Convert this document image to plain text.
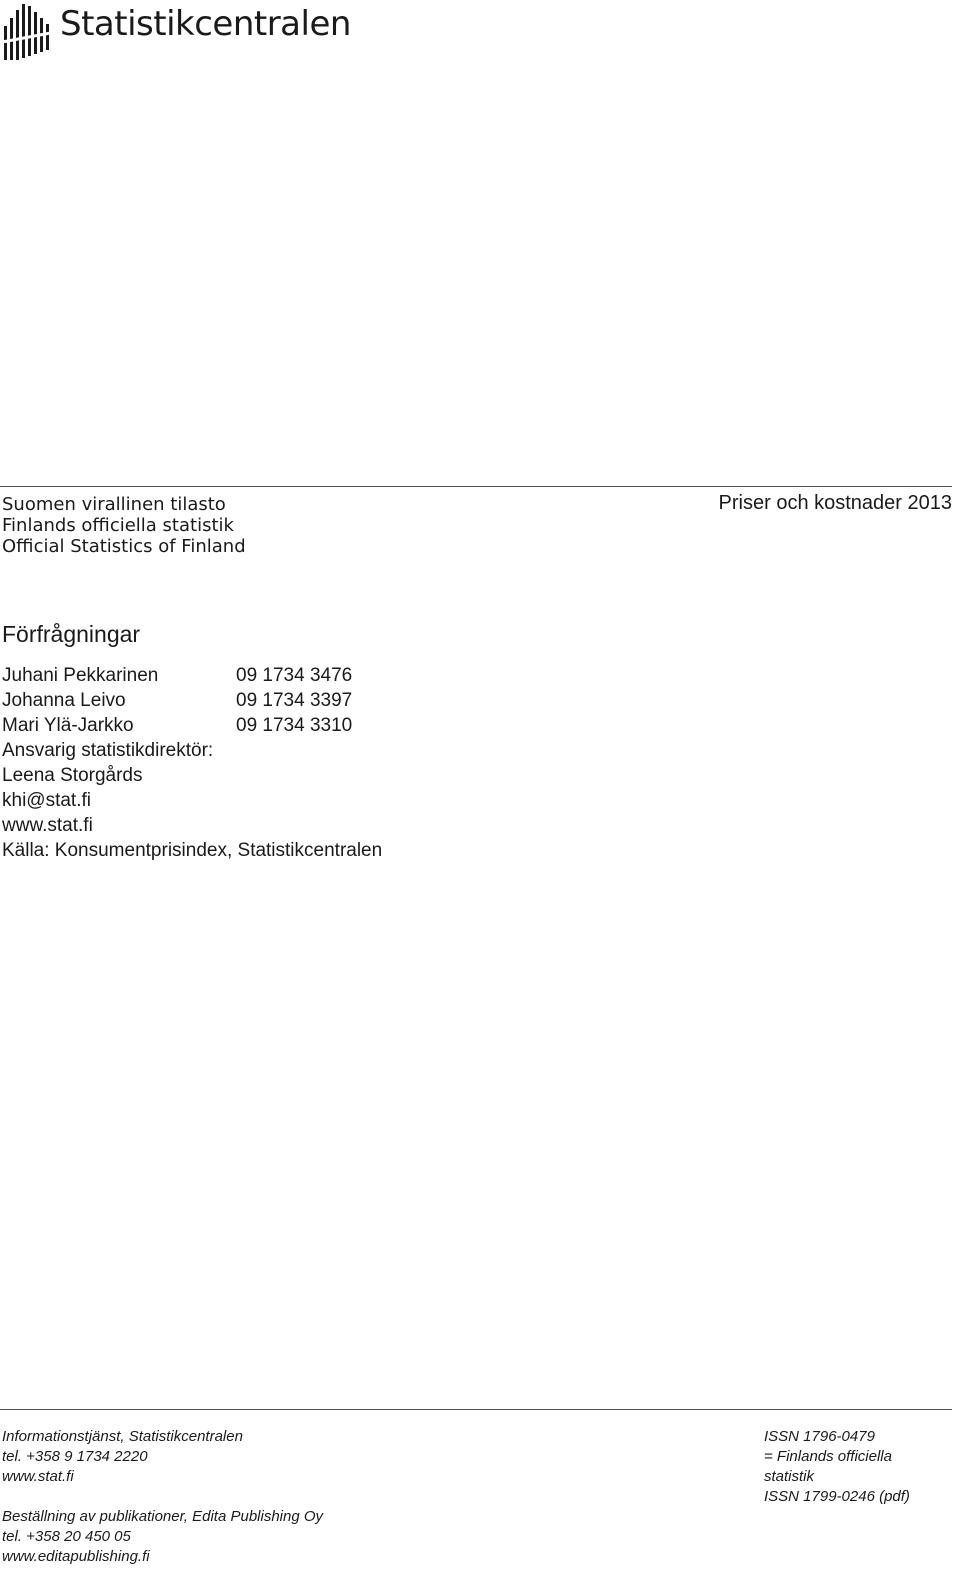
Statistikcentralen
Suomen virallinen tilasto
Finlands officiella statistik
Official Statistics of Finland
Priser och kostnader 2013
Förfrågningar
Juhani Pekkarinen	09 1734 3476
Johanna Leivo	09 1734 3397
Mari Ylä-Jarkko	09 1734 3310
Ansvarig statistikdirektör:
Leena Storgårds
khi@stat.fi
www.stat.fi
Källa: Konsumentprisindex, Statistikcentralen
Informationstjänst, Statistikcentralen
tel. +358 9 1734 2220
www.stat.fi
Beställning av publikationer, Edita Publishing Oy
tel. +358 20 450 05
www.editapublishing.fi
ISSN 1796-0479
= Finlands officiella
statistik
ISSN 1799-0246 (pdf)
